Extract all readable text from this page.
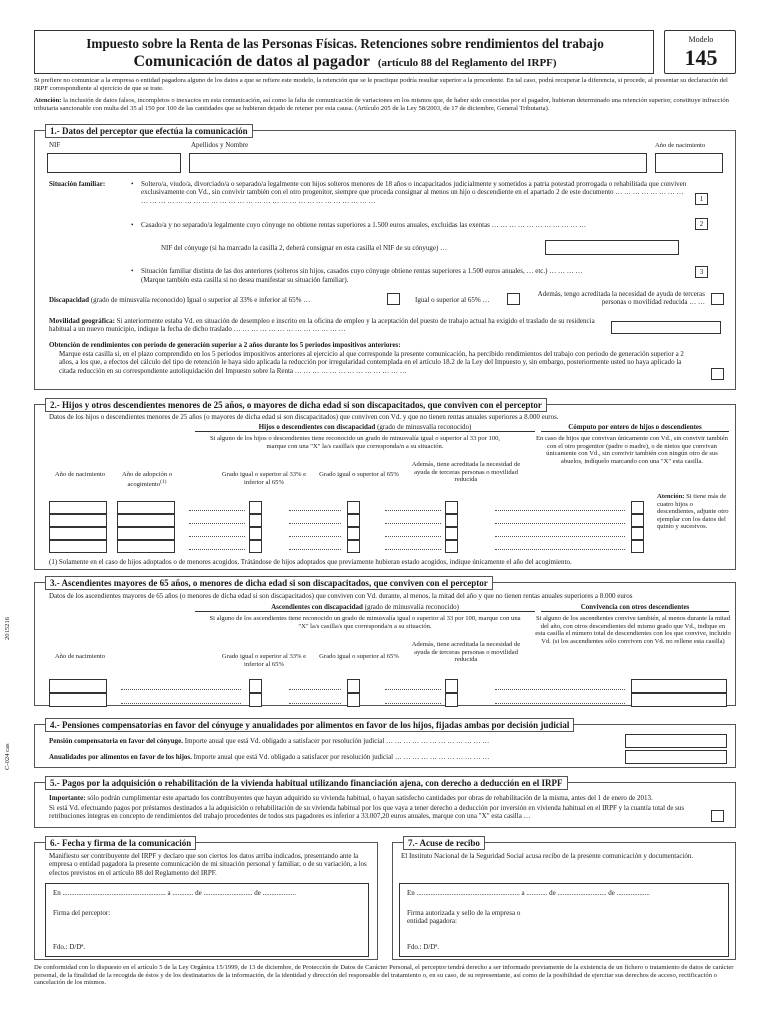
2015216
C-024 cas
Impuesto sobre la Renta de las Personas Físicas. Retenciones sobre rendimientos del trabajo
Comunicación de datos al pagador (artículo 88 del Reglamento del IRPF)
Modelo
145
Si prefiere no comunicar a la empresa o entidad pagadora alguno de los datos a que se refiere este modelo, la retención que se le practique podría resultar superior a la procedente. En tal caso, podrá recuperar la diferencia, si procede, al presentar su declaración del IRPF correspondiente al ejercicio de que se trate.
Atención: la inclusión de datos falsos, incompletos o inexactos en esta comunicación, así como la falta de comunicación de variaciones en los mismos que, de haber sido conocidas por el pagador, hubieran determinado una retención superior, constituye infracción tributaria sancionable con multa del 35 al 150 por 100 de las cantidades que se hubieran dejado de retener por esta causa. (Artículo 205 de la Ley 58/2003, de 17 de diciembre, General Tributaria).
1.- Datos del perceptor que efectúa la comunicación
NIF	Apellidos y Nombre	Año de nacimiento
Situación familiar:	• Soltero/a, viudo/a, divorciado/a o separado/a legalmente con hijos solteros menores de 18 años o incapacitados judicialmente y sometidos a patria potestad prorrogada o rehabilitada que conviven exclusivamente con Vd., sin convivir también con el otro progenitor, siempre que proceda consignar al menos un hijo o descendiente en el apartado 2 de este documento … … … … … … … … … … … … … … … … … … … … … … … … … … … … … … … … … … …	1
• Casado/a y no separado/a legalmente cuyo cónyuge no obtiene rentas superiores a 1.500 euros anuales, excluidas las exentas … … … … … … … … … … …	2
NIF del cónyuge (si ha marcado la casilla 2, deberá consignar en esta casilla el NIF de su cónyuge) …
• Situación familiar distinta de las dos anteriores (solteros sin hijos, casados cuyo cónyuge obtiene rentas superiores a 1.500 euros anuales, … etc.) … … … …
(Marque también esta casilla si no desea manifestar su situación familiar).
3
Discapacidad (grado de minusvalía reconocido) Igual o superior al 33% e inferior al 65% …	Igual o superior al 65% …
Además, tengo acreditada la necesidad de ayuda de terceras personas o movilidad reducida … …
Movilidad geográfica: Si anteriormente estaba Vd. en situación de desempleo e inscrito en la oficina de empleo y la aceptación del puesto de trabajo actual ha exigido el traslado de su residencia habitual a un nuevo municipio, indique la fecha de dicho traslado … … … … … … … … … … … … …
Obtención de rendimientos con período de generación superior a 2 años durante los 5 periodos impositivos anteriores:
Marque esta casilla si, en el plazo comprendido en los 5 periodos impositivos anteriores al ejercicio al que corresponde la presente comunicación, ha percibido rendimientos del trabajo con periodo de generación superior a 2 años, a los que, a efectos del cálculo del tipo de retención le haya sido aplicada la reducción por irregularidad contemplada en el artículo 18.2 de la Ley del Impuesto y, sin embargo, posteriormente usted no haya aplicado la citada reducción en su correspondiente autoliquidación del Impuesto sobre la Renta … … … … … … … … … … … … …
2.- Hijos y otros descendientes menores de 25 años, o mayores de dicha edad si son discapacitados, que conviven con el perceptor
Datos de los hijos o descendientes menores de 25 años (o mayores de dicha edad si son discapacitados) que conviven con Vd. y que no tienen rentas anuales superiores a 8.000 euros.
Hijos o descendientes con discapacidad (grado de minusvalía reconocido)	Cómputo por entero de hijos o descendientes
Si alguno de los hijos o descendientes tiene reconocido un grado de minusvalía igual o superior al 33 por 100, marque con una "X" la/s casilla/s que corresponda/n a su situación.
En caso de hijos que convivan únicamente con Vd., sin convivir también con el otro progenitor (padre o madre), o de nietos que convivan únicamente con Vd., sin convivir también con ningún otro de sus abuelos, indíquelo marcando con una "X" esta casilla.
Año de nacimiento	Año de adopción o acogimiento$^{(1)}$
Grado igual o superior al 33% e inferior al 65%
Grado igual o superior al 65%
Además, tiene acreditada la necesidad de ayuda de terceras personas o movilidad reducida
Atención: Si tiene más de cuatro hijos o descendientes, adjunte otro ejemplar con los datos del quinto y sucesivos.
(1) Solamente en el caso de hijos adoptados o de menores acogidos. Trátándose de hijos adoptados que previamente hubieran estado acogidos, indique únicamente el año del acogimiento.
3.- Ascendientes mayores de 65 años, o menores de dicha edad si son discapacitados, que conviven con el perceptor
Datos de los ascendientes mayores de 65 años (o menores de dicha edad si son discapacitados) que conviven con Vd. durante, al menos, la mitad del año y que no tienen rentas anuales superiores a 8.000 euros
Ascendientes con discapacidad (grado de minusvalía reconocido)	Convivencia con otros descendientes
Si alguno de los ascendientes tiene reconocido un grado de minusvalía igual o superior al 33 por 100, marque con una "X" la/s casilla/s que corresponda/n a su situación.
Si alguno de los ascendientes convive también, al menos durante la mitad del año, con otros descendientes del mismo grado que Vd., indique en esta casilla el número total de descendientes con los que convive, incluido Vd. (si los ascendientes sólo conviven con Vd. no rellene esta casilla)
Año de nacimiento	Grado igual o superior al 33% e inferior al 65%
Grado igual o superior al 65%
Además, tiene acreditada la necesidad de ayuda de terceras personas o movilidad reducida
4.- Pensiones compensatorias en favor del cónyuge y anualidades por alimentos en favor de los hijos, fijadas ambas por decisión judicial
Pensión compensatoria en favor del cónyuge. Importe anual que está Vd. obligado a satisfacer por resolución judicial … … … … … … … … … … … …
Anualidades por alimentos en favor de los hijos. Importe anual que está Vd. obligado a satisfacer por resolución judicial … … … … … … … … … … …
5.- Pagos por la adquisición o rehabilitación de la vivienda habitual utilizando financiación ajena, con derecho a deducción en el IRPF
Importante: sólo podrán cumplimentar este apartado los contribuyentes que hayan adquirido su vivienda habitual, o hayan satisfecho cantidades por obras de rehabilitación de la misma, antes del 1 de enero de 2013.
Si está Vd. efectuando pagos por préstamos destinados a la adquisición o rehabilitación de su vivienda habitual por los que vaya a tener derecho a deducción por inversión en vivienda habitual en el IRPF y la cuantía total de sus retribuciones íntegras en concepto de rendimientos del trabajo procedentes de todos sus pagadores es inferior a 33.007,20 euros anuales, marque con una "X" esta casilla …
6.- Fecha y firma de la comunicación
Manifiesto ser contribuyente del IRPF y declaro que son ciertos los datos arriba indicados, presentando ante la empresa o entidad pagadora la presente comunicación de mi situación personal y familiar, o de su variación, a los efectos previstos en el artículo 88 del Reglamento del IRPF.
En ........................................................... a ............ de ............................ de ...................
Firma del perceptor:
Fdo.: D/Dª.
7.- Acuse de recibo
El Instituto Nacional de la Seguridad Social acusa recibo de la presente comunicación y documentación.
En ........................................................... a ............ de ............................ de ...................
Firma autorizada y sello de la empresa o entidad pagadora:
Fdo.: D/Dª.
De conformidad con lo dispuesto en el artículo 5 de la Ley Orgánica 15/1999, de 13 de diciembre, de Protección de Datos de Carácter Personal, el perceptor tendrá derecho a ser informado previamente de la existencia de un fichero o tratamiento de datos de carácter personal, de la finalidad de la recogida de éstos y de los destinatarios de la información, de la identidad y dirección del responsable del tratamiento o, en su caso, de su representante, así como de la posibilidad de ejercitar sus derechos de acceso, rectificación o cancelación de los mismos.
